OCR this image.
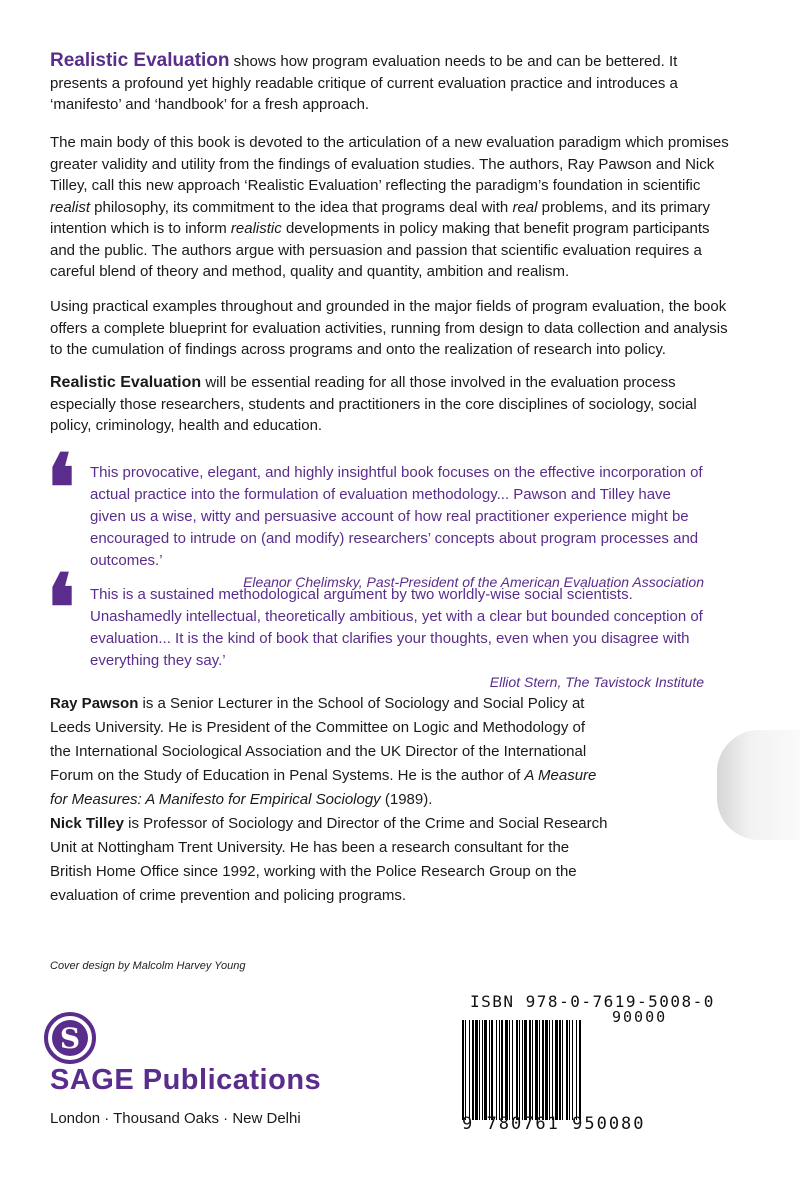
Realistic Evaluation shows how program evaluation needs to be and can be bettered. It presents a profound yet highly readable critique of current evaluation practice and introduces a ‘manifesto’ and ‘handbook’ for a fresh approach.

The main body of this book is devoted to the articulation of a new evaluation paradigm which promises greater validity and utility from the findings of evaluation studies. The authors, Ray Pawson and Nick Tilley, call this new approach ‘Realistic Evaluation’ reflecting the paradigm’s foundation in scientific realist philosophy, its commitment to the idea that programs deal with real problems, and its primary intention which is to inform realistic developments in policy making that benefit program participants and the public. The authors argue with persuasion and passion that scientific evaluation requires a careful blend of theory and method, quality and quantity, ambition and realism.

Using practical examples throughout and grounded in the major fields of program evaluation, the book offers a complete blueprint for evaluation activities, running from design to data collection and analysis to the cumulation of findings across programs and onto the realization of research into policy.

Realistic Evaluation will be essential reading for all those involved in the evaluation process especially those researchers, students and practitioners in the core disciplines of sociology, social policy, criminology, health and education.

❛ This provocative, elegant, and highly insightful book focuses on the effective incorporation of actual practice into the formulation of evaluation methodology... Pawson and Tilley have given us a wise, witty and persuasive account of how real practitioner experience might be encouraged to intrude on (and modify) researchers’ concepts about program processes and outcomes.’
Eleanor Chelimsky, Past-President of the American Evaluation Association

❛ This is a sustained methodological argument by two worldly-wise social scientists. Unashamedly intellectual, theoretically ambitious, yet with a clear but bounded conception of evaluation... It is the kind of book that clarifies your thoughts, even when you disagree with everything they say.’
Elliot Stern, The Tavistock Institute

Ray Pawson is a Senior Lecturer in the School of Sociology and Social Policy at Leeds University. He is President of the Committee on Logic and Methodology of the International Sociological Association and the UK Director of the International Forum on the Study of Education in Penal Systems. He is the author of A Measure for Measures: A Manifesto for Empirical Sociology (1989).

Nick Tilley is Professor of Sociology and Director of the Crime and Social Research Unit at Nottingham Trent University. He has been a research consultant for the British Home Office since 1992, working with the Police Research Group on the evaluation of crime prevention and policing programs.

Cover design by Malcolm Harvey Young
S
SAGE Publications
London · Thousand Oaks · New Delhi
ISBN 978-0-7619-5008-0
90000
9 780761 950080
